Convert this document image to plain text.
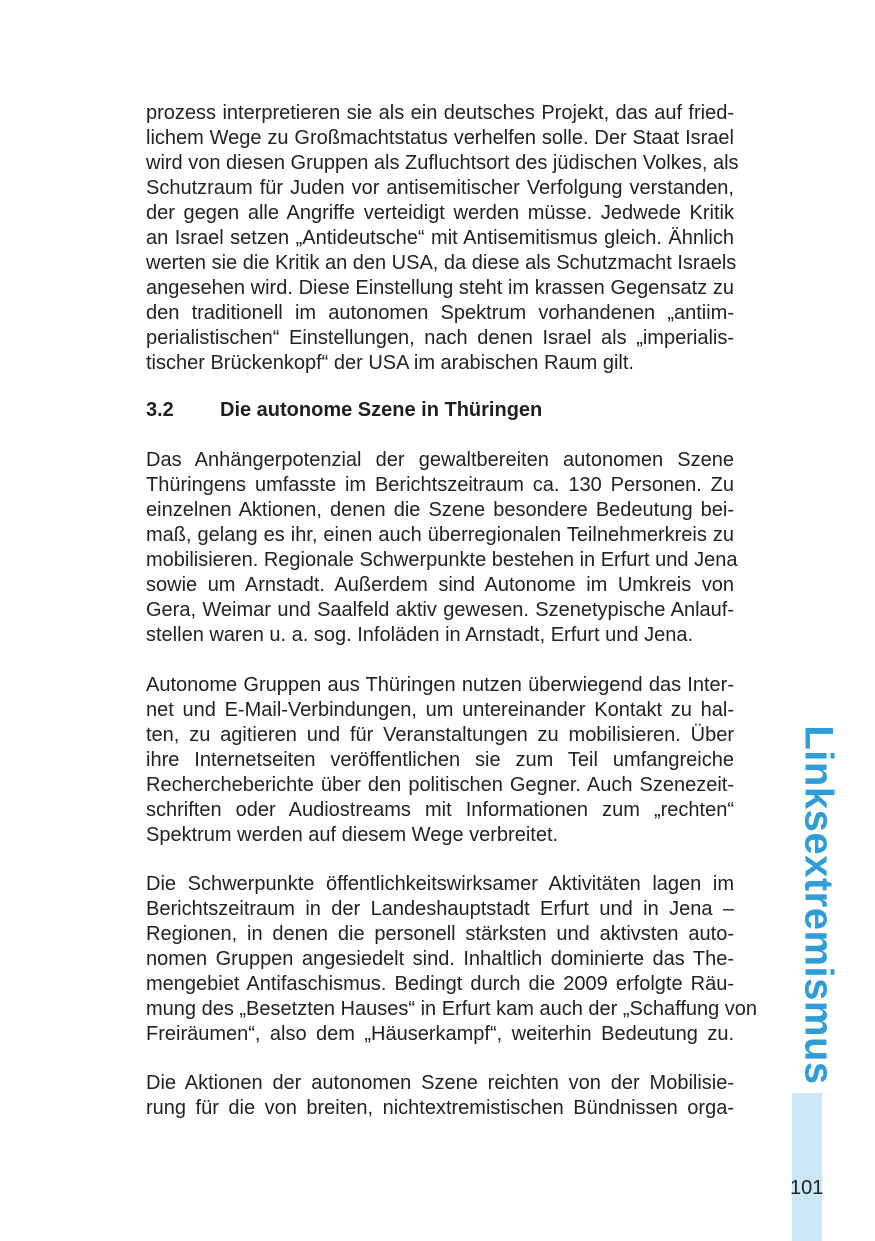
prozess interpretieren sie als ein deutsches Projekt, das auf fried-
lichem Wege zu Großmachtstatus verhelfen solle. Der Staat Israel
wird von diesen Gruppen als Zufluchtsort des jüdischen Volkes, als
Schutzraum für Juden vor antisemitischer Verfolgung verstanden,
der gegen alle Angriffe verteidigt werden müsse. Jedwede Kritik
an Israel setzen „Antideutsche“ mit Antisemitismus gleich. Ähnlich
werten sie die Kritik an den USA, da diese als Schutzmacht Israels
angesehen wird. Diese Einstellung steht im krassen Gegensatz zu
den traditionell im autonomen Spektrum vorhandenen „antiim-
perialistischen“ Einstellungen, nach denen Israel als „imperialis-
tischer Brückenkopf“ der USA im arabischen Raum gilt.
3.2 Die autonome Szene in Thüringen
Das Anhängerpotenzial der gewaltbereiten autonomen Szene
Thüringens umfasste im Berichtszeitraum ca. 130 Personen. Zu
einzelnen Aktionen, denen die Szene besondere Bedeutung bei-
maß, gelang es ihr, einen auch überregionalen Teilnehmerkreis zu
mobilisieren. Regionale Schwerpunkte bestehen in Erfurt und Jena
sowie um Arnstadt. Außerdem sind Autonome im Umkreis von
Gera, Weimar und Saalfeld aktiv gewesen. Szenetypische Anlauf-
stellen waren u. a. sog. Infoläden in Arnstadt, Erfurt und Jena.
Autonome Gruppen aus Thüringen nutzen überwiegend das Inter-
net und E-Mail-Verbindungen, um untereinander Kontakt zu hal-
ten, zu agitieren und für Veranstaltungen zu mobilisieren. Über
ihre Internetseiten veröffentlichen sie zum Teil umfangreiche
Rechercheberichte über den politischen Gegner. Auch Szenezeit-
schriften oder Audiostreams mit Informationen zum „rechten“
Spektrum werden auf diesem Wege verbreitet.
Die Schwerpunkte öffentlichkeitswirksamer Aktivitäten lagen im
Berichtszeitraum in der Landeshauptstadt Erfurt und in Jena –
Regionen, in denen die personell stärksten und aktivsten auto-
nomen Gruppen angesiedelt sind. Inhaltlich dominierte das The-
mengebiet Antifaschismus. Bedingt durch die 2009 erfolgte Räu-
mung des „Besetzten Hauses“ in Erfurt kam auch der „Schaffung von
Freiräumen“, also dem „Häuserkampf“, weiterhin Bedeutung zu.
Die Aktionen der autonomen Szene reichten von der Mobilisie-
rung für die von breiten, nichtextremistischen Bündnissen orga-
Linksextremismus
101
